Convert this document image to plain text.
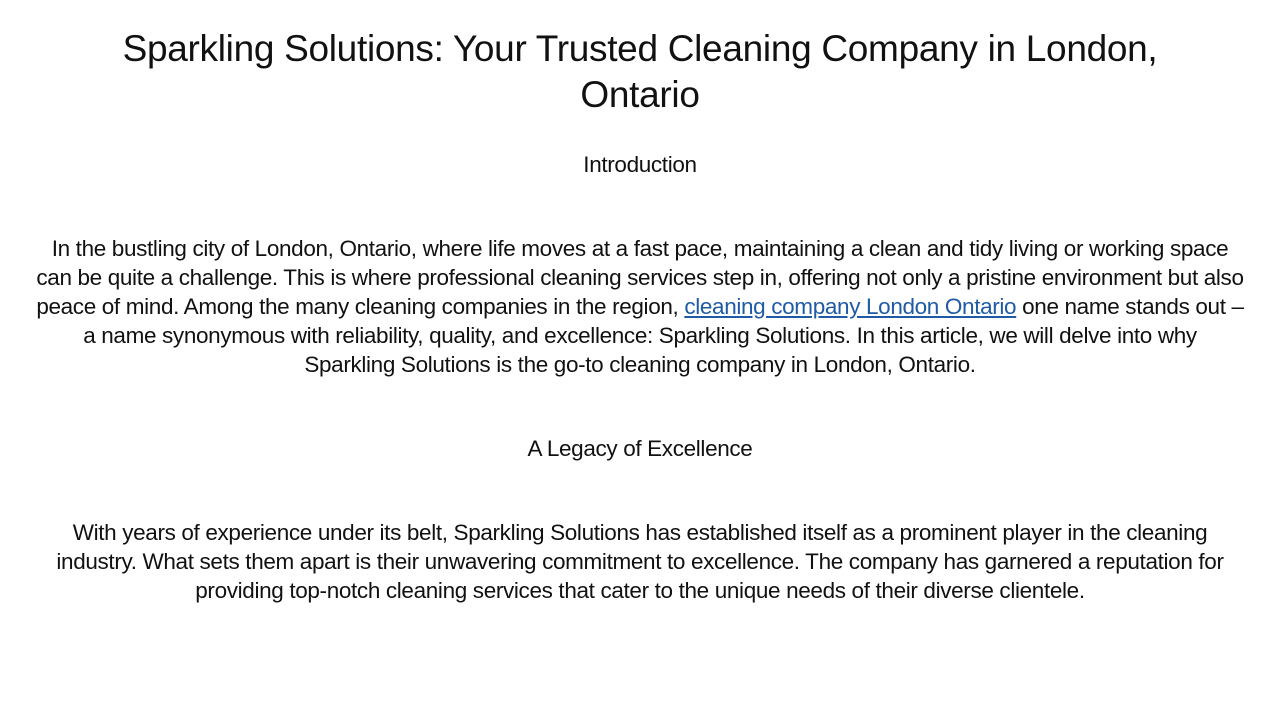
Sparkling Solutions: Your Trusted Cleaning Company in London, Ontario

Introduction

In the bustling city of London, Ontario, where life moves at a fast pace, maintaining a clean and tidy living or working space can be quite a challenge. This is where professional cleaning services step in, offering not only a pristine environment but also peace of mind. Among the many cleaning companies in the region, cleaning company London Ontario one name stands out – a name synonymous with reliability, quality, and excellence: Sparkling Solutions. In this article, we will delve into why Sparkling Solutions is the go-to cleaning company in London, Ontario.

A Legacy of Excellence

With years of experience under its belt, Sparkling Solutions has established itself as a prominent player in the cleaning industry. What sets them apart is their unwavering commitment to excellence. The company has garnered a reputation for providing top-notch cleaning services that cater to the unique needs of their diverse clientele.
